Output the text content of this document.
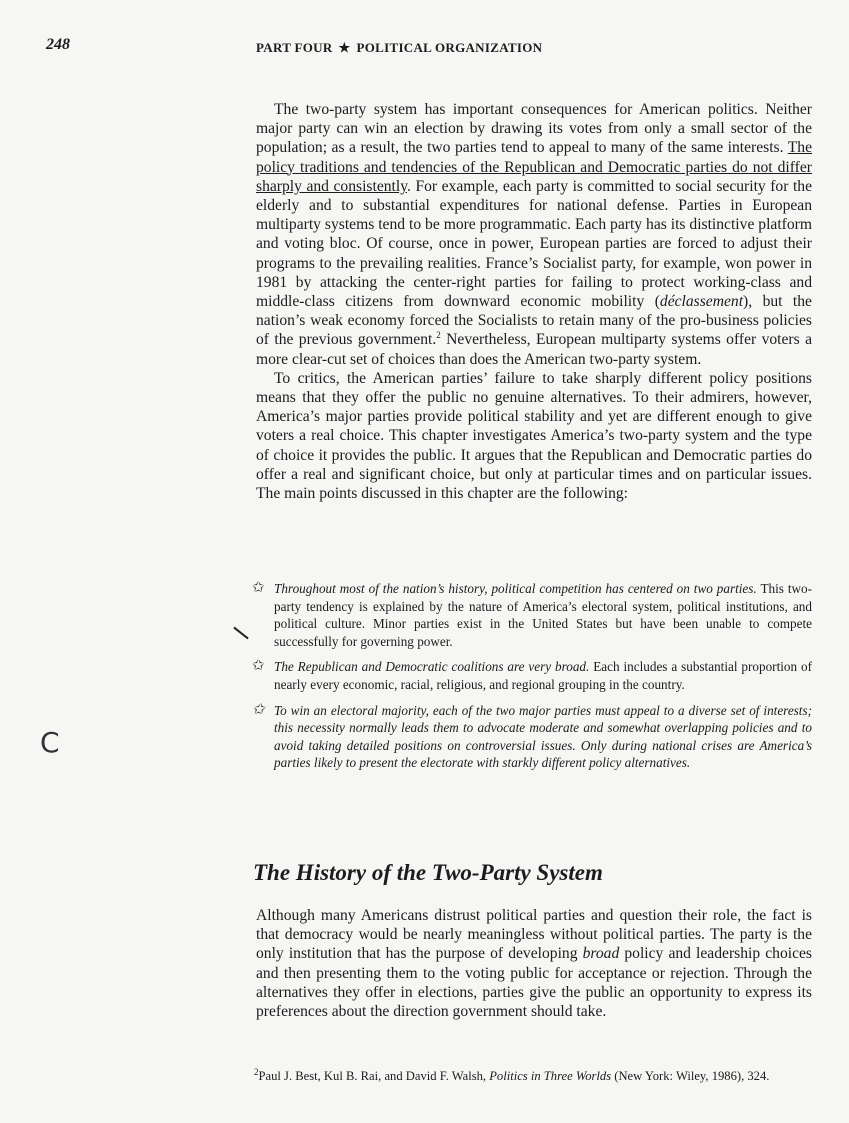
248	PART FOUR ★ POLITICAL ORGANIZATION

The two-party system has important consequences for American politics. Neither major party can win an election by drawing its votes from only a small sector of the population; as a result, the two parties tend to appeal to many of the same interests. The policy traditions and tendencies of the Republican and Democratic parties do not differ sharply and consistently. For example, each party is committed to social security for the elderly and to substantial expenditures for national defense. Parties in European multiparty systems tend to be more programmatic. Each party has its distinctive platform and voting bloc. Of course, once in power, European parties are forced to adjust their programs to the prevailing realities. France’s Socialist party, for example, won power in 1981 by attacking the center-right parties for failing to protect working-class and middle-class citizens from downward economic mobility (déclassement), but the nation’s weak economy forced the Socialists to retain many of the pro-business policies of the previous government.$^2$ Nevertheless, European multiparty systems offer voters a more clear-cut set of choices than does the American two-party system.

To critics, the American parties’ failure to take sharply different policy positions means that they offer the public no genuine alternatives. To their admirers, however, America’s major parties provide political stability and yet are different enough to give voters a real choice. This chapter investigates America’s two-party system and the type of choice it provides the public. It argues that the Republican and Democratic parties do offer a real and significant choice, but only at particular times and on particular issues. The main points discussed in this chapter are the following:

✩ Throughout most of the nation’s history, political competition has centered on two parties. This two-party tendency is explained by the nature of America’s electoral system, political institutions, and political culture. Minor parties exist in the United States but have been unable to compete successfully for governing power.
✩ The Republican and Democratic coalitions are very broad. Each includes a substantial proportion of nearly every economic, racial, religious, and regional grouping in the country.
✩ To win an electoral majority, each of the two major parties must appeal to a diverse set of interests; this necessity normally leads them to advocate moderate and somewhat overlapping policies and to avoid taking detailed positions on controversial issues. Only during national crises are America’s parties likely to present the electorate with starkly different policy alternatives.
The History of the Two-Party System

Although many Americans distrust political parties and question their role, the fact is that democracy would be nearly meaningless without political parties. The party is the only institution that has the purpose of developing broad policy and leadership choices and then presenting them to the voting public for acceptance or rejection. Through the alternatives they offer in elections, parties give the public an opportunity to express its preferences about the direction government should take.

$^2$Paul J. Best, Kul B. Rai, and David F. Walsh, Politics in Three Worlds (New York: Wiley, 1986), 324.
C
